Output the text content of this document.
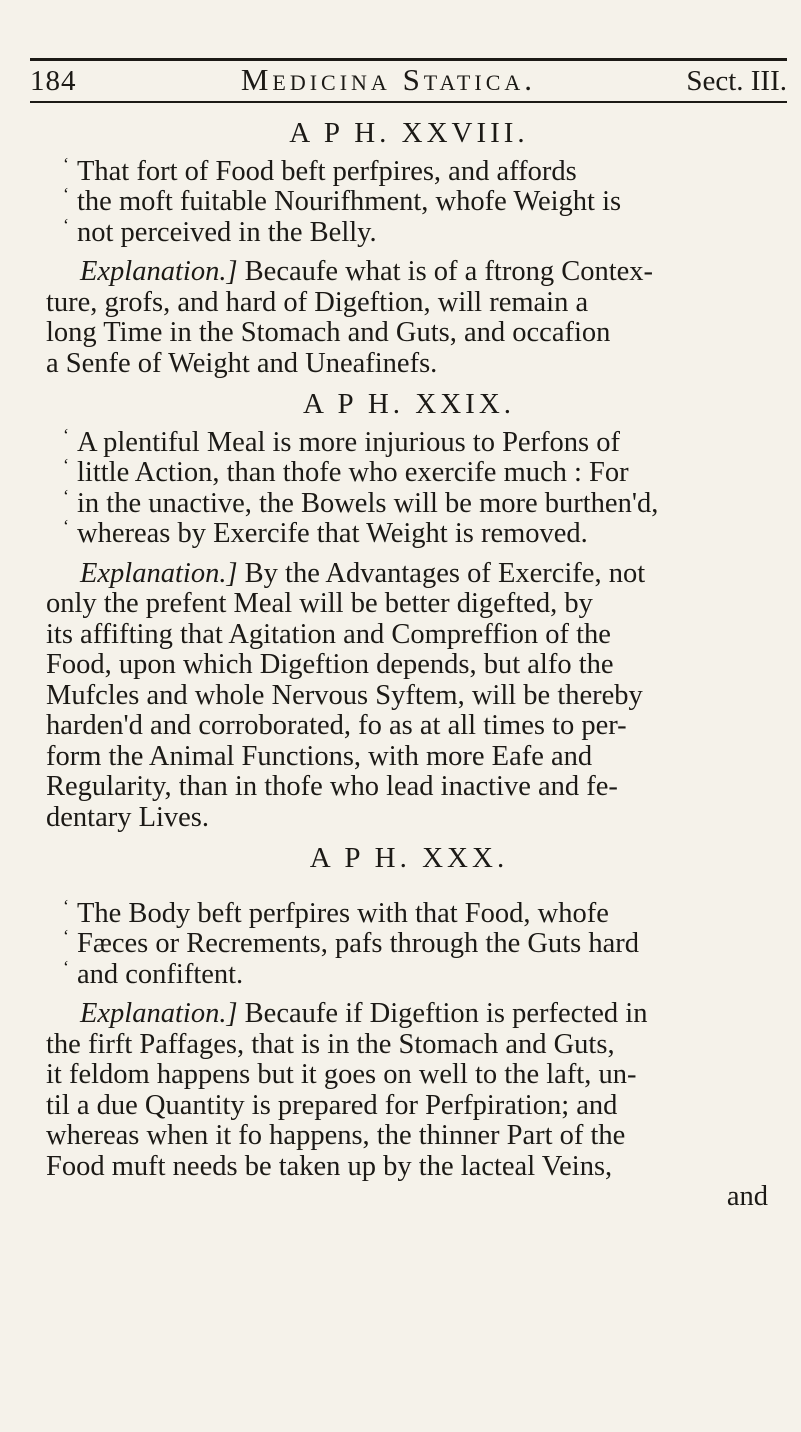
184	Medicina Statica.	Sect. III.
A P H. XXVIII.
‘ That fort of Food beft perfpires, and affords
‘ the moft fuitable Nourifhment, whofe Weight is
‘ not perceived in the Belly.
Explanation.] Becaufe what is of a ftrong Contex-
ture, grofs, and hard of Digeftion, will remain a
long Time in the Stomach and Guts, and occafion
a Senfe of Weight and Uneafinefs.
A P H. XXIX.
‘ A plentiful Meal is more injurious to Perfons of
‘ little Action, than thofe who exercife much : For
‘ in the unactive, the Bowels will be more burthen'd,
‘ whereas by Exercife that Weight is removed.
Explanation.] By the Advantages of Exercife, not
only the prefent Meal will be better digefted, by
its affifting that Agitation and Compreffion of the
Food, upon which Digeftion depends, but alfo the
Mufcles and whole Nervous Syftem, will be thereby
harden'd and corroborated, fo as at all times to per-
form the Animal Functions, with more Eafe and
Regularity, than in thofe who lead inactive and fe-
dentary Lives.
A P H. XXX.
‘ The Body beft perfpires with that Food, whofe
‘ Fæces or Recrements, pafs through the Guts hard
‘ and confiftent.
Explanation.] Becaufe if Digeftion is perfected in
the firft Paffages, that is in the Stomach and Guts,
it feldom happens but it goes on well to the laft, un-
til a due Quantity is prepared for Perfpiration; and
whereas when it fo happens, the thinner Part of the
Food muft needs be taken up by the lacteal Veins,
and
